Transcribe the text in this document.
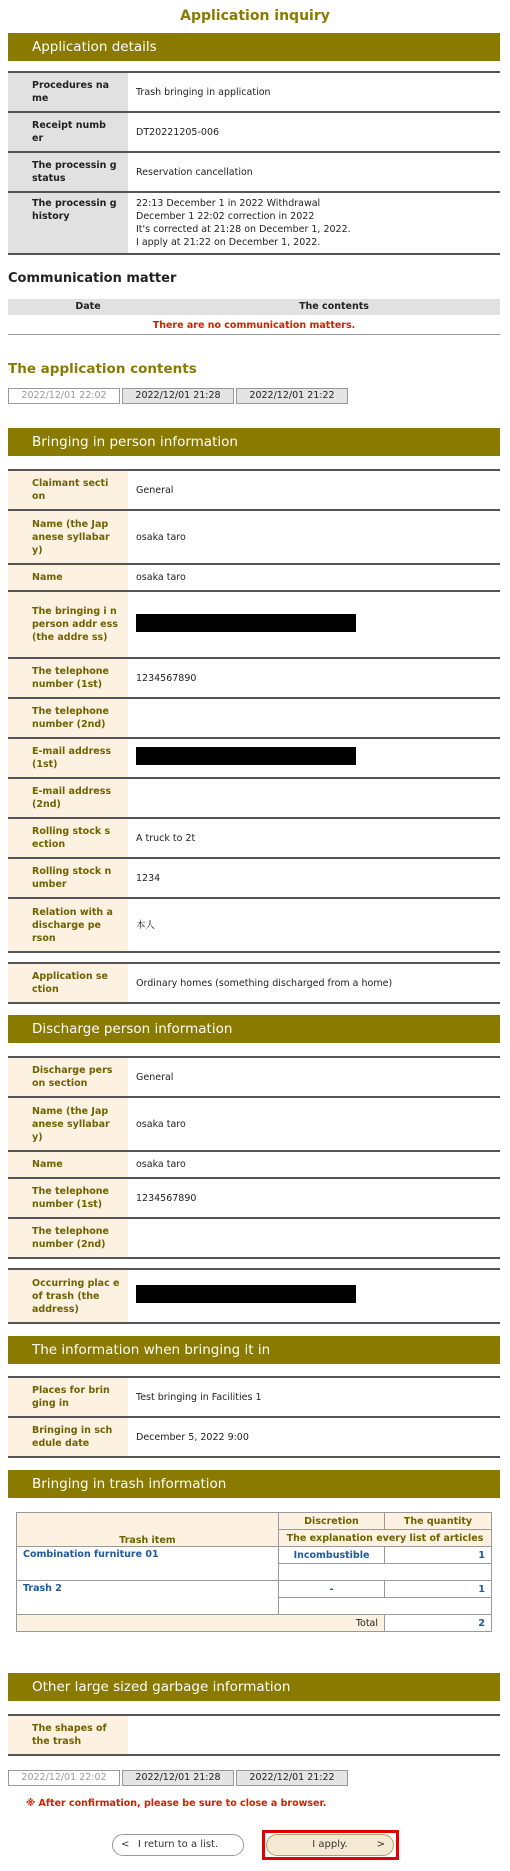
Application inquiry
Application details
Procedures na me	Trash bringing in application
Receipt numb er	DT20221205-006
The processin g status	Reservation cancellation
The processin g history	22:13 December 1 in 2022 Withdrawal
December 1 22:02 correction in 2022
It's corrected at 21:28 on December 1, 2022.
I apply at 21:22 on December 1, 2022.
Communication matter
Date	The contents
There are no communication matters.
The application contents
2022/12/01 22:02	2022/12/01 21:28	2022/12/01 21:22
Bringing in person information
Claimant secti on	General
Name (the Jap anese syllabar y)	osaka taro
Name	osaka taro
The bringing i n person addr ess (the addre ss)	
The telephone number (1st)	1234567890
The telephone number (2nd)	
E-mail address (1st)	
E-mail address (2nd)	
Rolling stock s ection	A truck to 2t
Rolling stock n umber	1234
Relation with a discharge pe rson	本人
Application se ction	Ordinary homes (something discharged from a home)
Discharge person information
Discharge pers on section	General
Name (the Jap anese syllabar y)	osaka taro
Name	osaka taro
The telephone number (1st)	1234567890
The telephone number (2nd)	
Occurring plac e of trash (the address)	
The information when bringing it in
Places for brin ging in	Test bringing in Facilities 1
Bringing in sch edule date	December 5, 2022 9:00
Bringing in trash information
Trash item	Discretion	The quantity
	The explanation every list of articles	
Combination furniture 01	Incombustible	1

Trash 2	-	1

Total		2
Other large sized garbage information
The shapes of the trash	
2022/12/01 22:02	2022/12/01 21:28	2022/12/01 21:22
※ After confirmation, please be sure to close a browser.
< I return to a list.	I apply.	>
